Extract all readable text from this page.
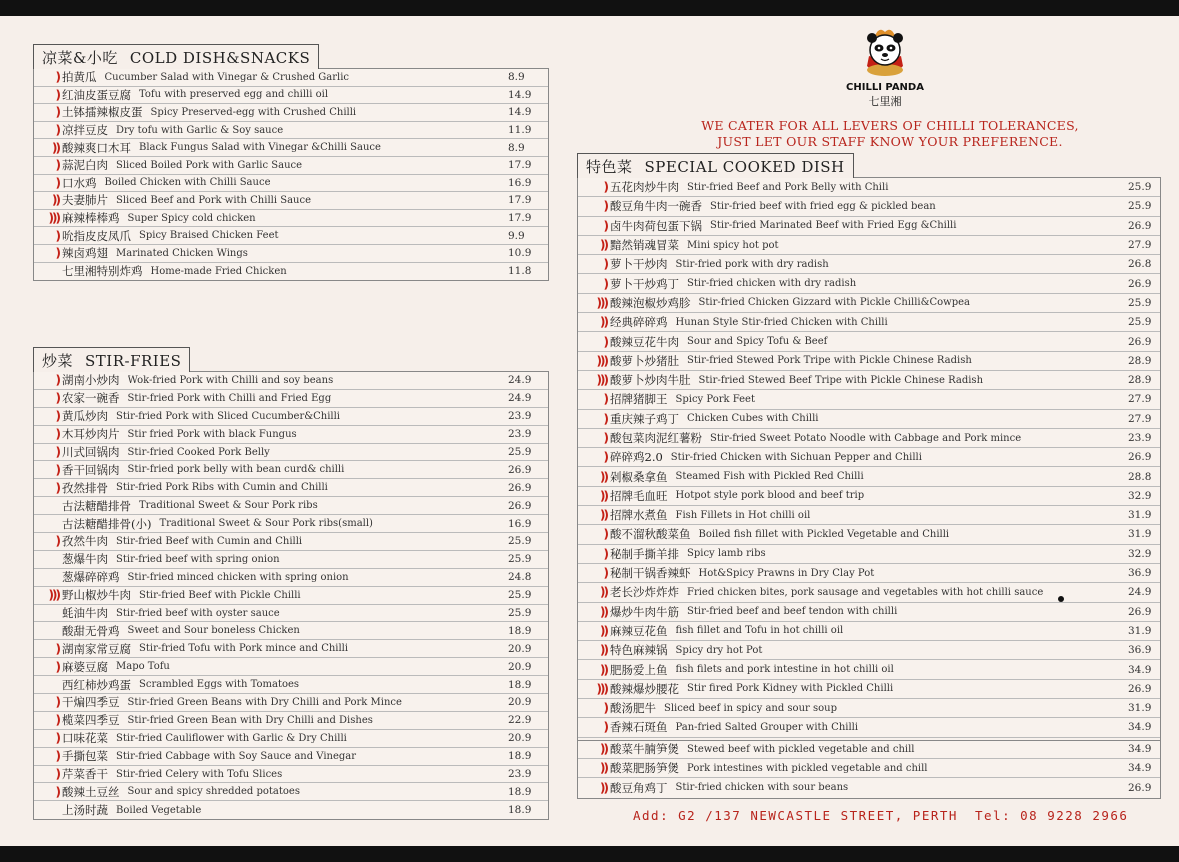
凉菜&小吃 COLD DISH&SNACKS
) 拍黄瓜 Cucumber Salad with Vinegar & Crushed Garlic	8.9
) 红油皮蛋豆腐 Tofu with preserved egg and chilli oil	14.9
) 土钵擂辣椒皮蛋 Spicy Preserved-egg with Crushed Chilli	14.9
) 凉拌豆皮 Dry tofu with Garlic & Soy sauce	11.9
)) 酸辣爽口木耳 Black Fungus Salad with Vinegar &Chilli Sauce	8.9
) 蒜泥白肉 Sliced Boiled Pork with Garlic Sauce	17.9
) 口水鸡 Boiled Chicken with Chilli Sauce	16.9
)) 夫妻肺片 Sliced Beef and Pork with Chilli Sauce	17.9
))) 麻辣棒棒鸡 Super Spicy cold chicken	17.9
) 吮指皮皮凤爪 Spicy Braised Chicken Feet	9.9
) 辣卤鸡翅 Marinated Chicken Wings	10.9
七里湘特别炸鸡 Home-made Fried Chicken	11.8
炒菜 STIR-FRIES
) 湖南小炒肉 Wok-fried Pork with Chilli and soy beans	24.9
) 农家一碗香 Stir-fried Pork with Chilli and Fried Egg	24.9
) 黄瓜炒肉 Stir-fried Pork with Sliced Cucumber&Chilli	23.9
) 木耳炒肉片 Stir fried Pork with black Fungus	23.9
) 川式回锅肉 Stir-fried Cooked Pork Belly	25.9
) 香干回锅肉 Stir-fried pork belly with bean curd& chilli	26.9
) 孜然排骨 Stir-fried Pork Ribs with Cumin and Chilli	26.9
古法糖醋排骨 Traditional Sweet & Sour Pork ribs	26.9
古法糖醋排骨(小) Traditional Sweet & Sour Pork ribs(small)	16.9
) 孜然牛肉 Stir-fried Beef with Cumin and Chilli	25.9
葱爆牛肉 Stir-fried beef with spring onion	25.9
葱爆碎碎鸡 Stir-fried minced chicken with spring onion	24.8
))) 野山椒炒牛肉 Stir-fried Beef with Pickle Chilli	25.9
蚝油牛肉 Stir-fried beef with oyster sauce	25.9
酸甜无骨鸡 Sweet and Sour boneless Chicken	18.9
) 湖南家常豆腐 Stir-fried Tofu with Pork mince and Chilli	20.9
) 麻婆豆腐 Mapo Tofu	20.9
西红柿炒鸡蛋 Scrambled Eggs with Tomatoes	18.9
) 干煸四季豆 Stir-fried Green Beans with Dry Chilli and Pork Mince	20.9
) 榄菜四季豆 Stir-fried Green Bean with Dry Chilli and Dishes	22.9
) 口味花菜 Stir-fried Cauliflower with Garlic & Dry Chilli	20.9
) 手撕包菜 Stir-fried Cabbage with Soy Sauce and Vinegar	18.9
) 芹菜香干 Stir-fried Celery with Tofu Slices	23.9
) 酸辣土豆丝 Sour and spicy shredded potatoes	18.9
上汤时蔬 Boiled Vegetable	18.9
CHILLI PANDA
七里湘
WE CATER FOR ALL LEVERS OF CHILLI TOLERANCES,
JUST LET OUR STAFF KNOW YOUR PREFERENCE.
特色菜 SPECIAL COOKED DISH
) 五花肉炒牛肉 Stir-fried Beef and Pork Belly with Chili	25.9
) 酸豆角牛肉一碗香 Stir-fried beef with fried egg & pickled bean	25.9
) 卤牛肉荷包蛋下锅 Stir-fried Marinated Beef with Fried Egg &Chilli	26.9
)) 黯然销魂冒菜 Mini spicy hot pot	27.9
) 萝卜干炒肉 Stir-fried pork with dry radish	26.8
) 萝卜干炒鸡丁 Stir-fried chicken with dry radish	26.9
))) 酸辣泡椒炒鸡胗 Stir-fried Chicken Gizzard with Pickle Chilli&Cowpea	25.9
)) 经典碎碎鸡 Hunan Style Stir-fried Chicken with Chilli	25.9
) 酸辣豆花牛肉 Sour and Spicy Tofu & Beef	26.9
))) 酸萝卜炒猪肚 Stir-fried Stewed Pork Tripe with Pickle Chinese Radish	28.9
))) 酸萝卜炒肉牛肚 Stir-fried Stewed Beef Tripe with Pickle Chinese Radish	28.9
) 招牌猪脚王 Spicy Pork Feet	27.9
) 重庆辣子鸡丁 Chicken Cubes with Chilli	27.9
) 酸包菜肉泥红薯粉 Stir-fried Sweet Potato Noodle with Cabbage and Pork mince	23.9
) 碎碎鸡2.0 Stir-fried Chicken with Sichuan Pepper and Chilli	26.9
)) 剁椒桑拿鱼 Steamed Fish with Pickled Red Chilli	28.8
)) 招牌毛血旺 Hotpot style pork blood and beef trip	32.9
)) 招牌水煮鱼 Fish Fillets in Hot chilli oil	31.9
) 酸不溜秋酸菜鱼 Boiled fish fillet with Pickled Vegetable and Chilli	31.9
) 秘制手撕羊排 Spicy lamb ribs	32.9
) 秘制干锅香辣虾 Hot&Spicy Prawns in Dry Clay Pot	36.9
)) 老长沙炸炸炸 Fried chicken bites, pork sausage and vegetables with hot chilli sauce	24.9
)) 爆炒牛肉牛筋 Stir-fried beef and beef tendon with chilli	26.9
)) 麻辣豆花鱼 fish fillet and Tofu in hot chilli oil	31.9
)) 特色麻辣锅 Spicy dry hot Pot	36.9
)) 肥肠爱上鱼 fish filets and pork intestine in hot chilli oil	34.9
))) 酸辣爆炒腰花 Stir fired Pork Kidney with Pickled Chilli	26.9
) 酸汤肥牛 Sliced beef in spicy and sour soup	31.9
) 香辣石斑鱼 Pan-fried Salted Grouper with Chilli	34.9
)) 酸菜牛腩笋煲 Stewed beef with pickled vegetable and chill	34.9
)) 酸菜肥肠笋煲 Pork intestines with pickled vegetable and chill	34.9
)) 酸豆角鸡丁 Stir-fried chicken with sour beans	26.9
Add: G2 /137 NEWCASTLE STREET, PERTH Tel: 08 9228 2966
